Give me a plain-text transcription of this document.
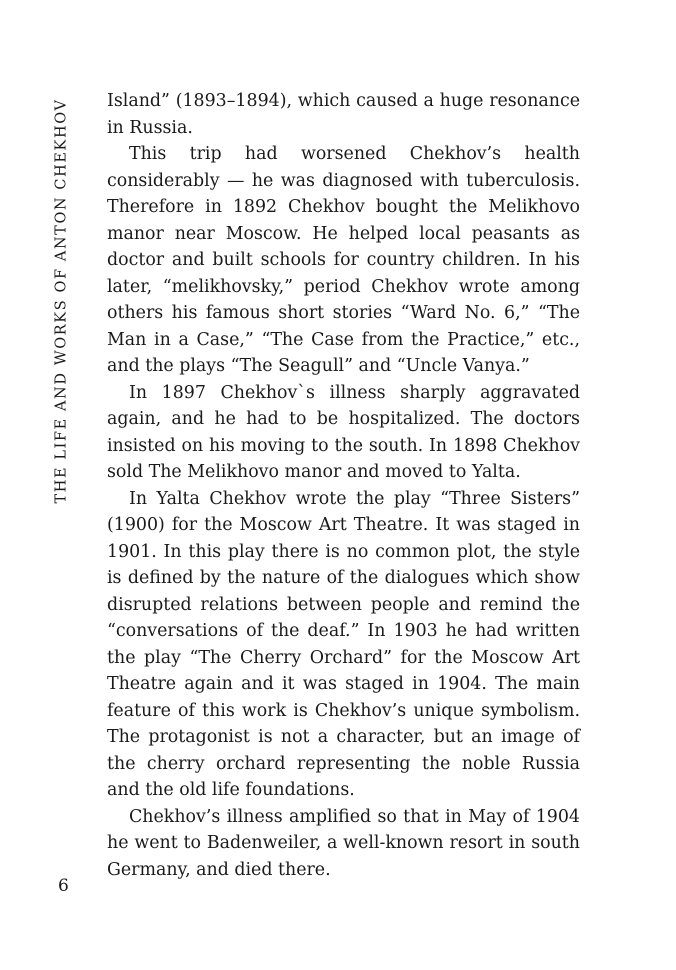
THE LIFE AND WORKS OF ANTON CHEKHOV Island” (1893–1894), which caused a huge resonance in Russia.

This trip had worsened Chekhov’s health considerably — he was diagnosed with tuberculosis. Therefore in 1892 Chekhov bought the Melikhovo manor near Moscow. He helped local peasants as doctor and built schools for country children. In his later, “melikhovsky,” period Chekhov wrote among others his famous short stories “Ward No. 6,” “The Man in a Case,” “The Case from the Practice,” etc., and the plays “The Seagull” and “Uncle Vanya.”

In 1897 Chekhov`s illness sharply aggravated again, and he had to be hospitalized. The doctors insisted on his moving to the south. In 1898 Chekhov sold The Melikhovo manor and moved to Yalta.

In Yalta Chekhov wrote the play “Three Sisters” (1900) for the Moscow Art Theatre. It was staged in 1901. In this play there is no common plot, the style is defined by the nature of the dialogues which show disrupted relations between people and remind the “conversations of the deaf.” In 1903 he had written the play “The Cherry Orchard” for the Moscow Art Theatre again and it was staged in 1904. The main feature of this work is Chekhov’s unique symbolism. The protagonist is not a character, but an image of the cherry orchard representing the noble Russia and the old life foundations.

Chekhov’s illness amplified so that in May of 1904 he went to Badenweiler, a well-known resort in south Germany, and died there.

6
